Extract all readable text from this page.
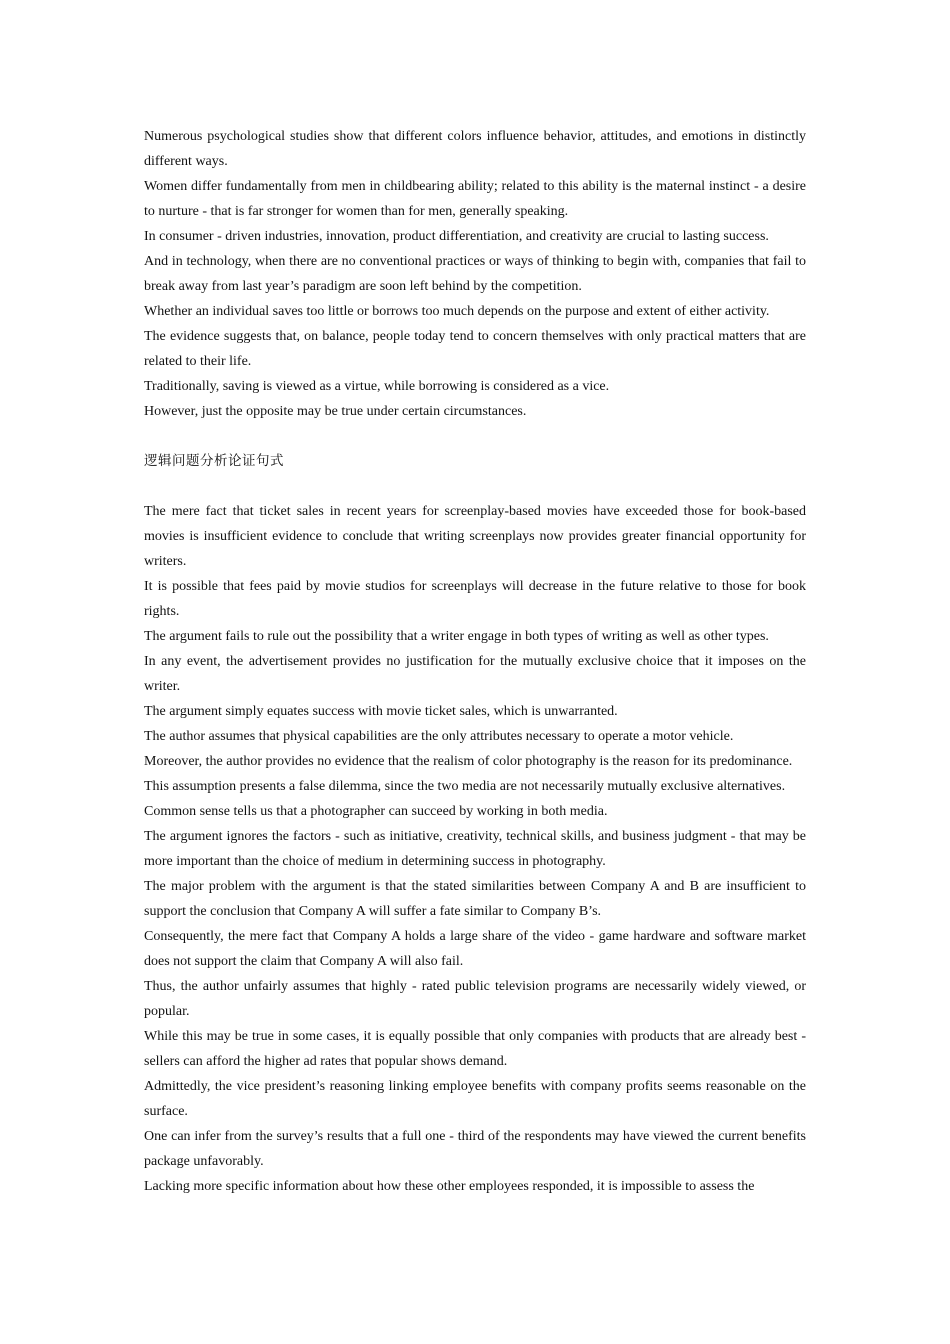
Numerous psychological studies show that different colors influence behavior, attitudes, and emotions in distinctly different ways.

Women differ fundamentally from men in childbearing ability; related to this ability is the maternal instinct - a desire to nurture - that is far stronger for women than for men, generally speaking.

In consumer - driven industries, innovation, product differentiation, and creativity are crucial to lasting success.

And in technology, when there are no conventional practices or ways of thinking to begin with, companies that fail to break away from last year’s paradigm are soon left behind by the competition.

Whether an individual saves too little or borrows too much depends on the purpose and extent of either activity.

The evidence suggests that, on balance, people today tend to concern themselves with only practical matters that are related to their life.

Traditionally, saving is viewed as a virtue, while borrowing is considered as a vice.

However, just the opposite may be true under certain circumstances.

逻辑问题分析论证句式

The mere fact that ticket sales in recent years for screenplay-based movies have exceeded those for book-based movies is insufficient evidence to conclude that writing screenplays now provides greater financial opportunity for writers.

It is possible that fees paid by movie studios for screenplays will decrease in the future relative to those for book rights.

The argument fails to rule out the possibility that a writer engage in both types of writing as well as other types.

In any event, the advertisement provides no justification for the mutually exclusive choice that it imposes on the writer.

The argument simply equates success with movie ticket sales, which is unwarranted.

The author assumes that physical capabilities are the only attributes necessary to operate a motor vehicle.

Moreover, the author provides no evidence that the realism of color photography is the reason for its predominance.

This assumption presents a false dilemma, since the two media are not necessarily mutually exclusive alternatives.

Common sense tells us that a photographer can succeed by working in both media.

The argument ignores the factors - such as initiative, creativity, technical skills, and business judgment - that may be more important than the choice of medium in determining success in photography.

The major problem with the argument is that the stated similarities between Company A and B are insufficient to support the conclusion that Company A will suffer a fate similar to Company B’s.

Consequently, the mere fact that Company A holds a large share of the video - game hardware and software market does not support the claim that Company A will also fail.

Thus, the author unfairly assumes that highly - rated public television programs are necessarily widely viewed, or popular.

While this may be true in some cases, it is equally possible that only companies with products that are already best - sellers can afford the higher ad rates that popular shows demand.

Admittedly, the vice president’s reasoning linking employee benefits with company profits seems reasonable on the surface.

One can infer from the survey’s results that a full one - third of the respondents may have viewed the current benefits package unfavorably.

Lacking more specific information about how these other employees responded, it is impossible to assess the
